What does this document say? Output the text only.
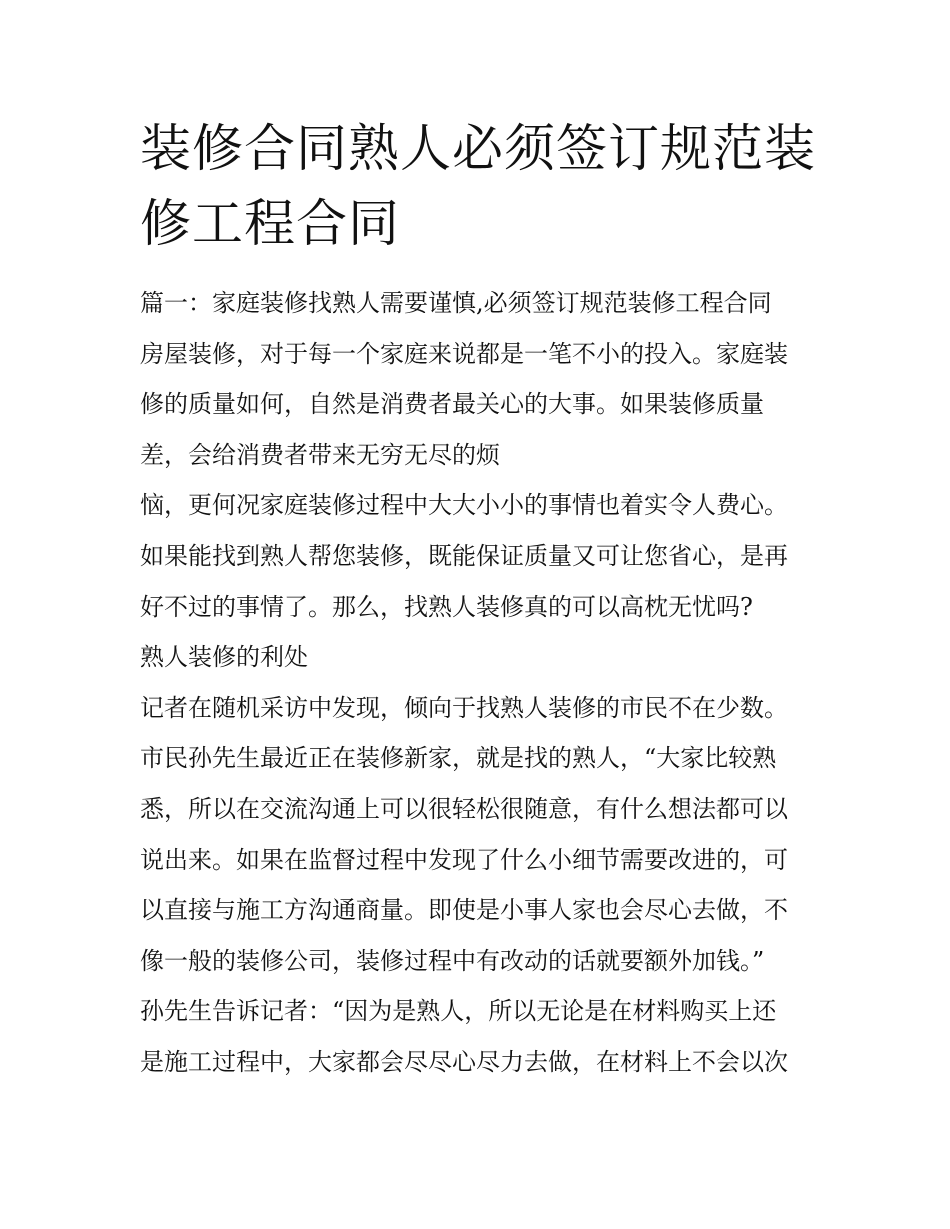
装修合同熟人必须签订规范装
修工程合同
篇一：家庭装修找熟人需要谨慎,必须签订规范装修工程合同
房屋装修，对于每一个家庭来说都是一笔不小的投入。家庭装
修的质量如何，自然是消费者最关心的大事。如果装修质量
差，会给消费者带来无穷无尽的烦
恼，更何况家庭装修过程中大大小小的事情也着实令人费心。
如果能找到熟人帮您装修，既能保证质量又可让您省心，是再
好不过的事情了。那么，找熟人装修真的可以高枕无忧吗?
熟人装修的利处
记者在随机采访中发现，倾向于找熟人装修的市民不在少数。
市民孙先生最近正在装修新家，就是找的熟人，“大家比较熟
悉，所以在交流沟通上可以很轻松很随意，有什么想法都可以
说出来。如果在监督过程中发现了什么小细节需要改进的，可
以直接与施工方沟通商量。即使是小事人家也会尽心去做，不
像一般的装修公司，装修过程中有改动的话就要额外加钱。”
孙先生告诉记者：“因为是熟人，所以无论是在材料购买上还
是施工过程中，大家都会尽尽心尽力去做，在材料上不会以次
